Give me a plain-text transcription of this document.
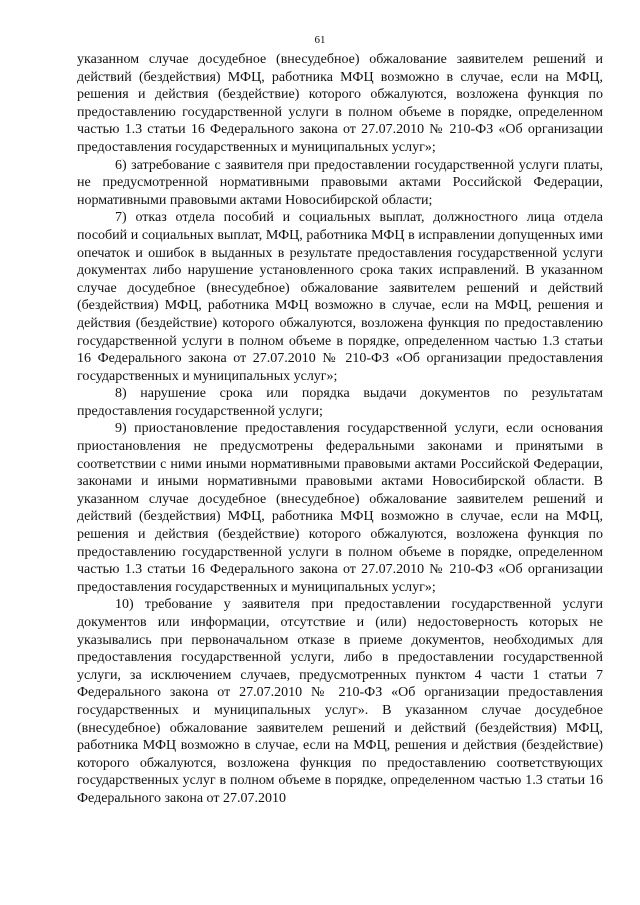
61

указанном случае досудебное (внесудебное) обжалование заявителем решений и действий (бездействия) МФЦ, работника МФЦ возможно в случае, если на МФЦ, решения и действия (бездействие) которого обжалуются, возложена функция по предоставлению государственной услуги в полном объеме в порядке, определенном частью 1.3 статьи 16 Федерального закона от 27.07.2010 № 210-ФЗ «Об организации предоставления государственных и муниципальных услуг»;

6) затребование с заявителя при предоставлении государственной услуги платы, не предусмотренной нормативными правовыми актами Российской Федерации, нормативными правовыми актами Новосибирской области;

7) отказ отдела пособий и социальных выплат, должностного лица отдела пособий и социальных выплат, МФЦ, работника МФЦ в исправлении допущенных ими опечаток и ошибок в выданных в результате предоставления государственной услуги документах либо нарушение установленного срока таких исправлений. В указанном случае досудебное (внесудебное) обжалование заявителем решений и действий (бездействия) МФЦ, работника МФЦ возможно в случае, если на МФЦ, решения и действия (бездействие) которого обжалуются, возложена функция по предоставлению государственной услуги в полном объеме в порядке, определенном частью 1.3 статьи 16 Федерального закона от 27.07.2010 № 210-ФЗ «Об организации предоставления государственных и муниципальных услуг»;

8) нарушение срока или порядка выдачи документов по результатам предоставления государственной услуги;

9) приостановление предоставления государственной услуги, если основания приостановления не предусмотрены федеральными законами и принятыми в соответствии с ними иными нормативными правовыми актами Российской Федерации, законами и иными нормативными правовыми актами Новосибирской области. В указанном случае досудебное (внесудебное) обжалование заявителем решений и действий (бездействия) МФЦ, работника МФЦ возможно в случае, если на МФЦ, решения и действия (бездействие) которого обжалуются, возложена функция по предоставлению государственной услуги в полном объеме в порядке, определенном частью 1.3 статьи 16 Федерального закона от 27.07.2010 № 210-ФЗ «Об организации предоставления государственных и муниципальных услуг»;

10) требование у заявителя при предоставлении государственной услуги документов или информации, отсутствие и (или) недостоверность которых не указывались при первоначальном отказе в приеме документов, необходимых для предоставления государственной услуги, либо в предоставлении государственной услуги, за исключением случаев, предусмотренных пунктом 4 части 1 статьи 7 Федерального закона от 27.07.2010 № 210-ФЗ «Об организации предоставления государственных и муниципальных услуг». В указанном случае досудебное (внесудебное) обжалование заявителем решений и действий (бездействия) МФЦ, работника МФЦ возможно в случае, если на МФЦ, решения и действия (бездействие) которого обжалуются, возложена функция по предоставлению соответствующих государственных услуг в полном объеме в порядке, определенном частью 1.3 статьи 16 Федерального закона от 27.07.2010
